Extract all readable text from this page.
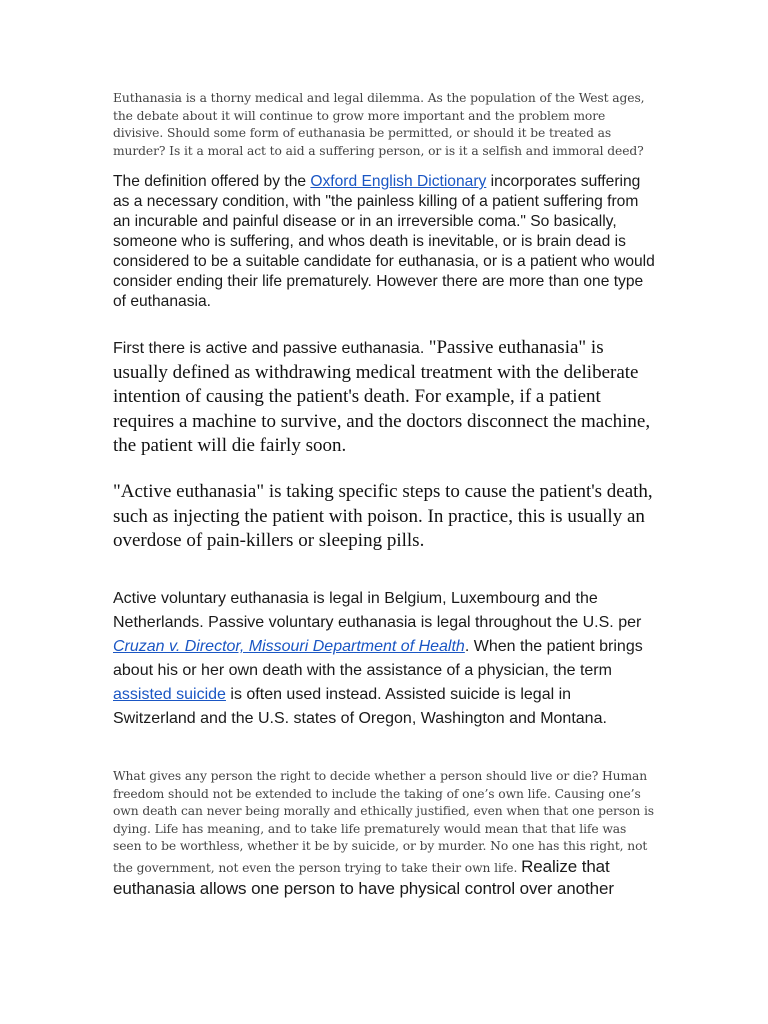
Euthanasia is a thorny medical and legal dilemma. As the population of the West ages, the debate about it will continue to grow more important and the problem more divisive. Should some form of euthanasia be permitted, or should it be treated as murder? Is it a moral act to aid a suffering person, or is it a selfish and immoral deed?

The definition offered by the Oxford English Dictionary incorporates suffering as a necessary condition, with "the painless killing of a patient suffering from an incurable and painful disease or in an irreversible coma." So basically, someone who is suffering, and whos death is inevitable, or is brain dead is considered to be a suitable candidate for euthanasia, or is a patient who would consider ending their life prematurely. However there are more than one type of euthanasia.

First there is active and passive euthanasia. "Passive euthanasia" is usually defined as withdrawing medical treatment with the deliberate intention of causing the patient's death. For example, if a patient requires a machine to survive, and the doctors disconnect the machine, the patient will die fairly soon.

"Active euthanasia" is taking specific steps to cause the patient's death, such as injecting the patient with poison. In practice, this is usually an overdose of pain-killers or sleeping pills.

Active voluntary euthanasia is legal in Belgium, Luxembourg and the Netherlands. Passive voluntary euthanasia is legal throughout the U.S. per Cruzan v. Director, Missouri Department of Health. When the patient brings about his or her own death with the assistance of a physician, the term assisted suicide is often used instead. Assisted suicide is legal in Switzerland and the U.S. states of Oregon, Washington and Montana.

What gives any person the right to decide whether a person should live or die? Human freedom should not be extended to include the taking of one’s own life. Causing one’s own death can never being morally and ethically justified, even when that one person is dying. Life has meaning, and to take life prematurely would mean that that life was seen to be worthless, whether it be by suicide, or by murder. No one has this right, not the government, not even the person trying to take their own life. Realize that euthanasia allows one person to have physical control over another
